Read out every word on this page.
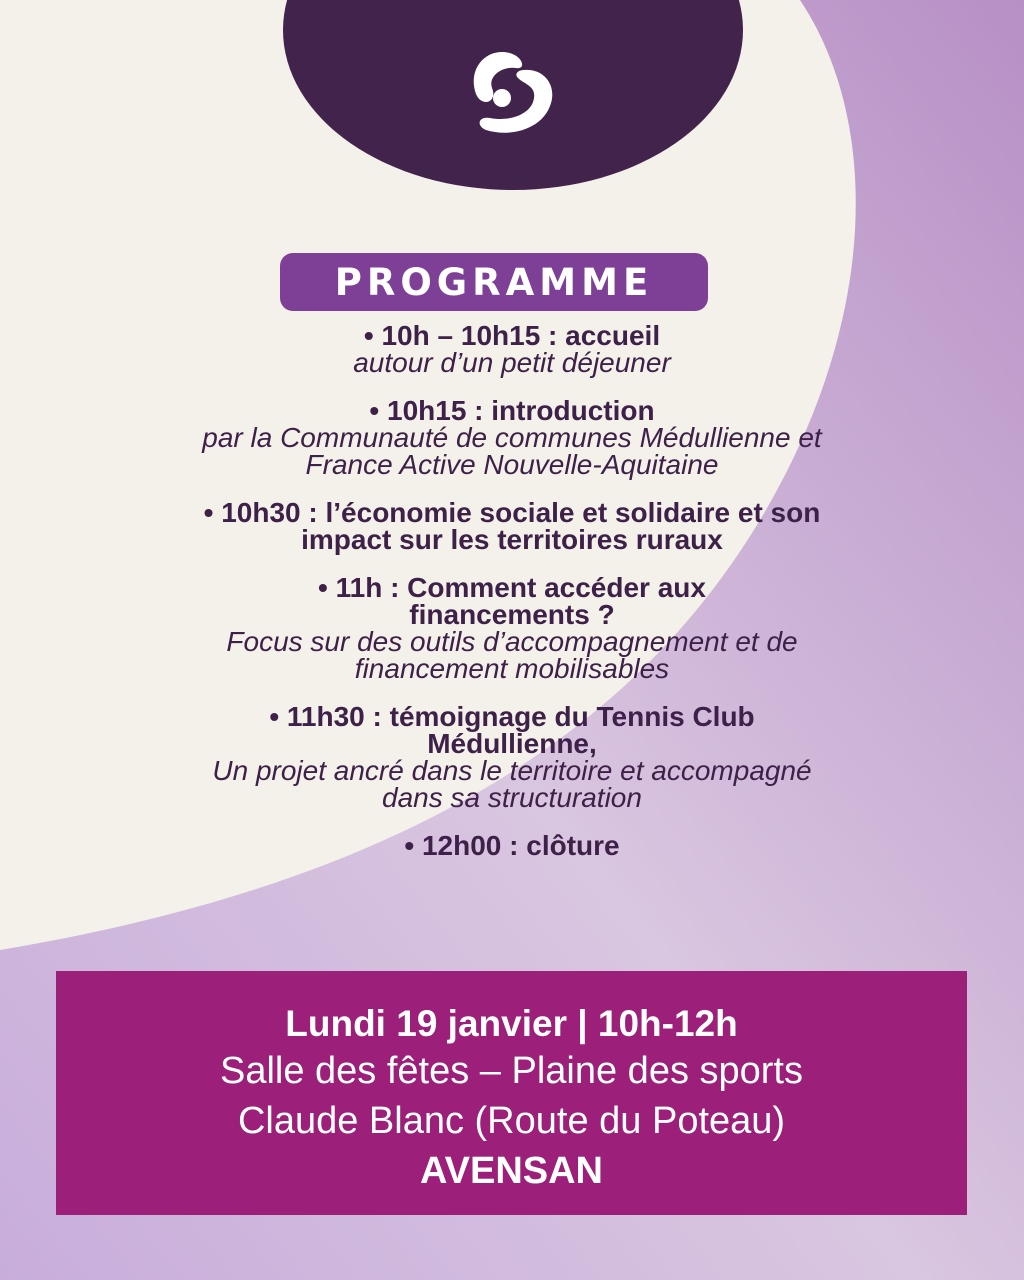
PROGRAMME
• 10h – 10h15 : accueil
autour d’un petit déjeuner
• 10h15 : introduction
par la Communauté de communes Médullienne et France Active Nouvelle-Aquitaine
• 10h30 : l’économie sociale et solidaire et son impact sur les territoires ruraux
• 11h : Comment accéder aux financements ?
Focus sur des outils d’accompagnement et de financement mobilisables
• 11h30 : témoignage du Tennis Club Médullienne,
Un projet ancré dans le territoire et accompagné dans sa structuration
• 12h00 : clôture
Lundi 19 janvier | 10h-12h
Salle des fêtes – Plaine des sports
Claude Blanc (Route du Poteau)
AVENSAN
